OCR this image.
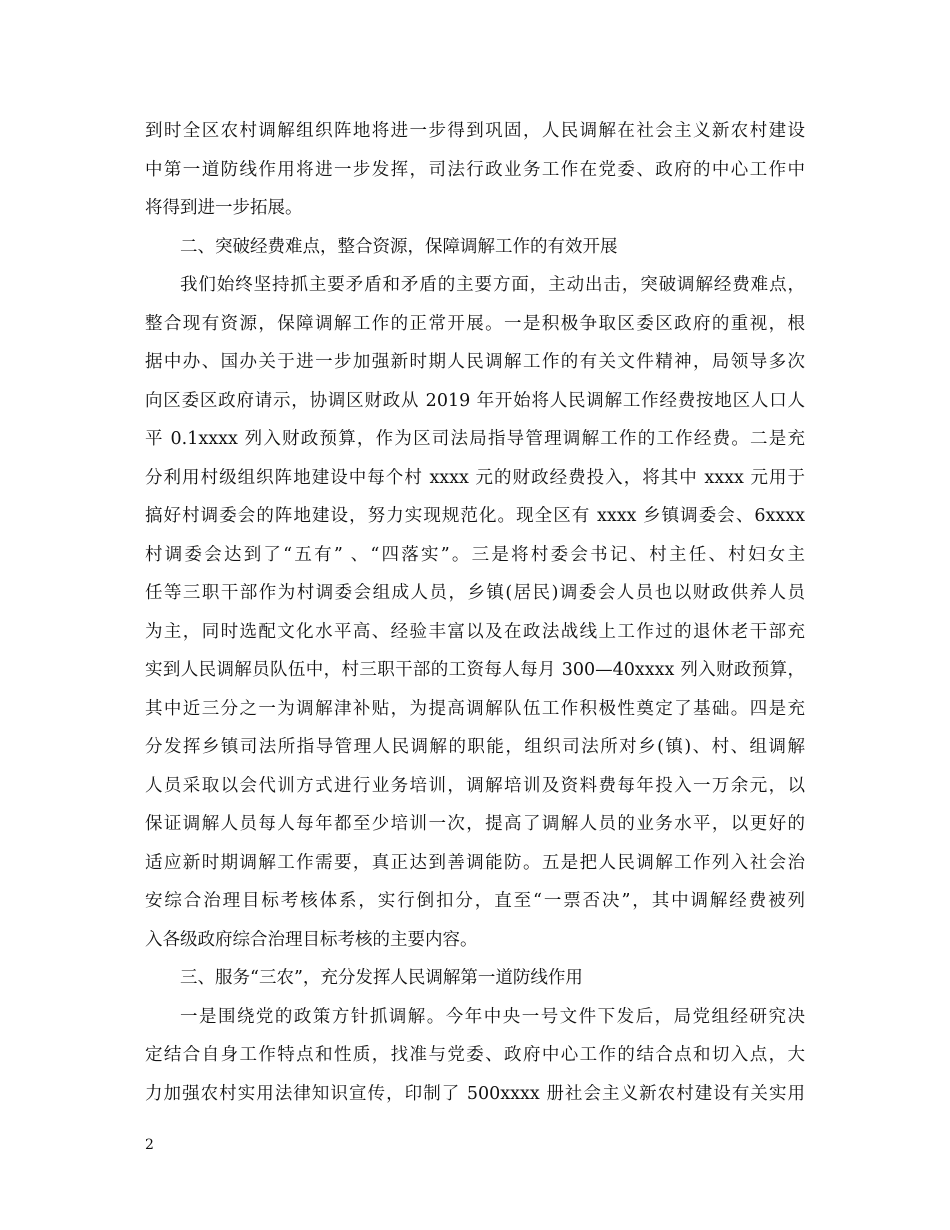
到时全区农村调解组织阵地将进一步得到巩固，人民调解在社会主义新农村建设
中第一道防线作用将进一步发挥，司法行政业务工作在党委、政府的中心工作中
将得到进一步拓展。
二、突破经费难点，整合资源，保障调解工作的有效开展
我们始终坚持抓主要矛盾和矛盾的主要方面，主动出击，突破调解经费难点，
整合现有资源，保障调解工作的正常开展。一是积极争取区委区政府的重视，根
据中办、国办关于进一步加强新时期人民调解工作的有关文件精神，局领导多次
向区委区政府请示，协调区财政从 2019 年开始将人民调解工作经费按地区人口人
平 0.1xxxx 列入财政预算，作为区司法局指导管理调解工作的工作经费。二是充
分利用村级组织阵地建设中每个村 xxxx 元的财政经费投入，将其中 xxxx 元用于
搞好村调委会的阵地建设，努力实现规范化。现全区有 xxxx 乡镇调委会、6xxxx
村调委会达到了“五有” 、“四落实”。三是将村委会书记、村主任、村妇女主
任等三职干部作为村调委会组成人员，乡镇(居民)调委会人员也以财政供养人员
为主，同时选配文化水平高、经验丰富以及在政法战线上工作过的退休老干部充
实到人民调解员队伍中，村三职干部的工资每人每月 300—40xxxx 列入财政预算，
其中近三分之一为调解津补贴，为提高调解队伍工作积极性奠定了基础。四是充
分发挥乡镇司法所指导管理人民调解的职能，组织司法所对乡(镇)、村、组调解
人员采取以会代训方式进行业务培训，调解培训及资料费每年投入一万余元，以
保证调解人员每人每年都至少培训一次，提高了调解人员的业务水平，以更好的
适应新时期调解工作需要，真正达到善调能防。五是把人民调解工作列入社会治
安综合治理目标考核体系，实行倒扣分，直至“一票否决”，其中调解经费被列
入各级政府综合治理目标考核的主要内容。
三、服务“三农”，充分发挥人民调解第一道防线作用
一是围绕党的政策方针抓调解。今年中央一号文件下发后，局党组经研究决
定结合自身工作特点和性质，找准与党委、政府中心工作的结合点和切入点，大
力加强农村实用法律知识宣传，印制了 500xxxx 册社会主义新农村建设有关实用
2
